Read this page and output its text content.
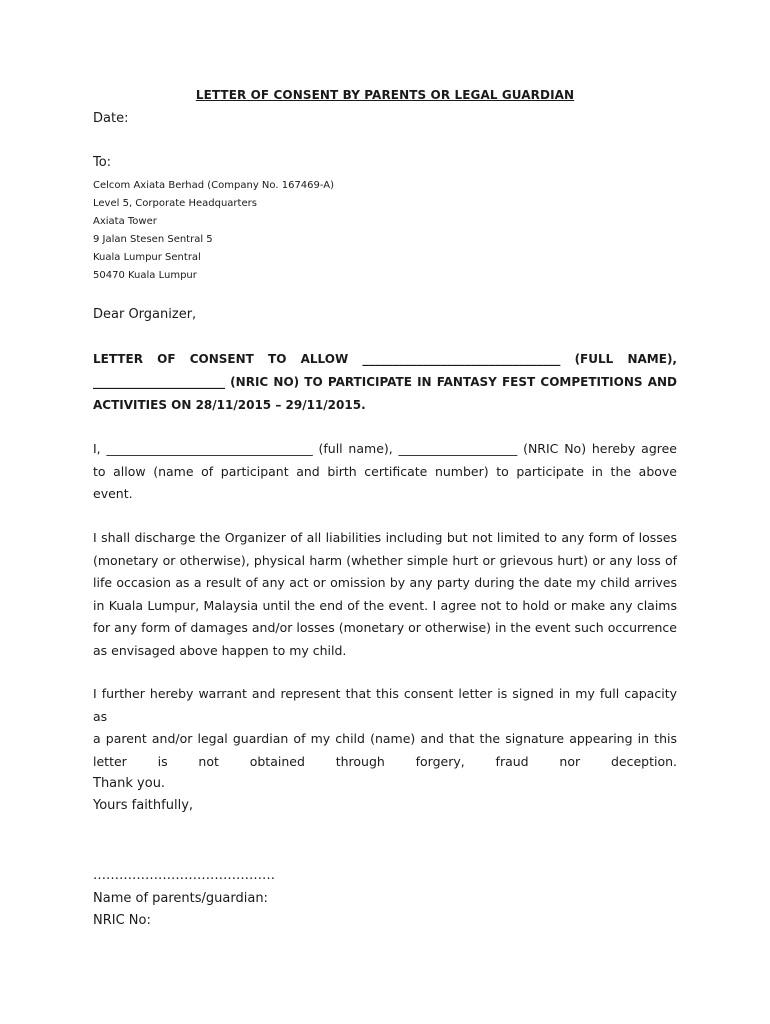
LETTER OF CONSENT BY PARENTS OR LEGAL GUARDIAN
Date:
To:
Celcom Axiata Berhad (Company No. 167469-A)
Level 5, Corporate Headquarters
Axiata Tower
9 Jalan Stesen Sentral 5
Kuala Lumpur Sentral
50470 Kuala Lumpur
Dear Organizer,
LETTER OF CONSENT TO ALLOW _________________________________ (FULL NAME),
______________________ (NRIC NO) TO PARTICIPATE IN FANTASY FEST COMPETITIONS AND
ACTIVITIES ON 28/11/2015 – 29/11/2015.
I, _________________________________ (full name), ___________________ (NRIC No) hereby agree
to allow (name of participant and birth certificate number) to participate in the above
event.
I shall discharge the Organizer of all liabilities including but not limited to any form of losses
(monetary or otherwise), physical harm (whether simple hurt or grievous hurt) or any loss of
life occasion as a result of any act or omission by any party during the date my child arrives
in Kuala Lumpur, Malaysia until the end of the event. I agree not to hold or make any claims
for any form of damages and/or losses (monetary or otherwise) in the event such occurrence
as envisaged above happen to my child.
I further hereby warrant and represent that this consent letter is signed in my full capacity as
a parent and/or legal guardian of my child (name) and that the signature appearing in this
letter is not obtained through forgery, fraud nor deception.
Thank you.
Yours faithfully,
……………………………………
Name of parents/guardian:
NRIC No:
